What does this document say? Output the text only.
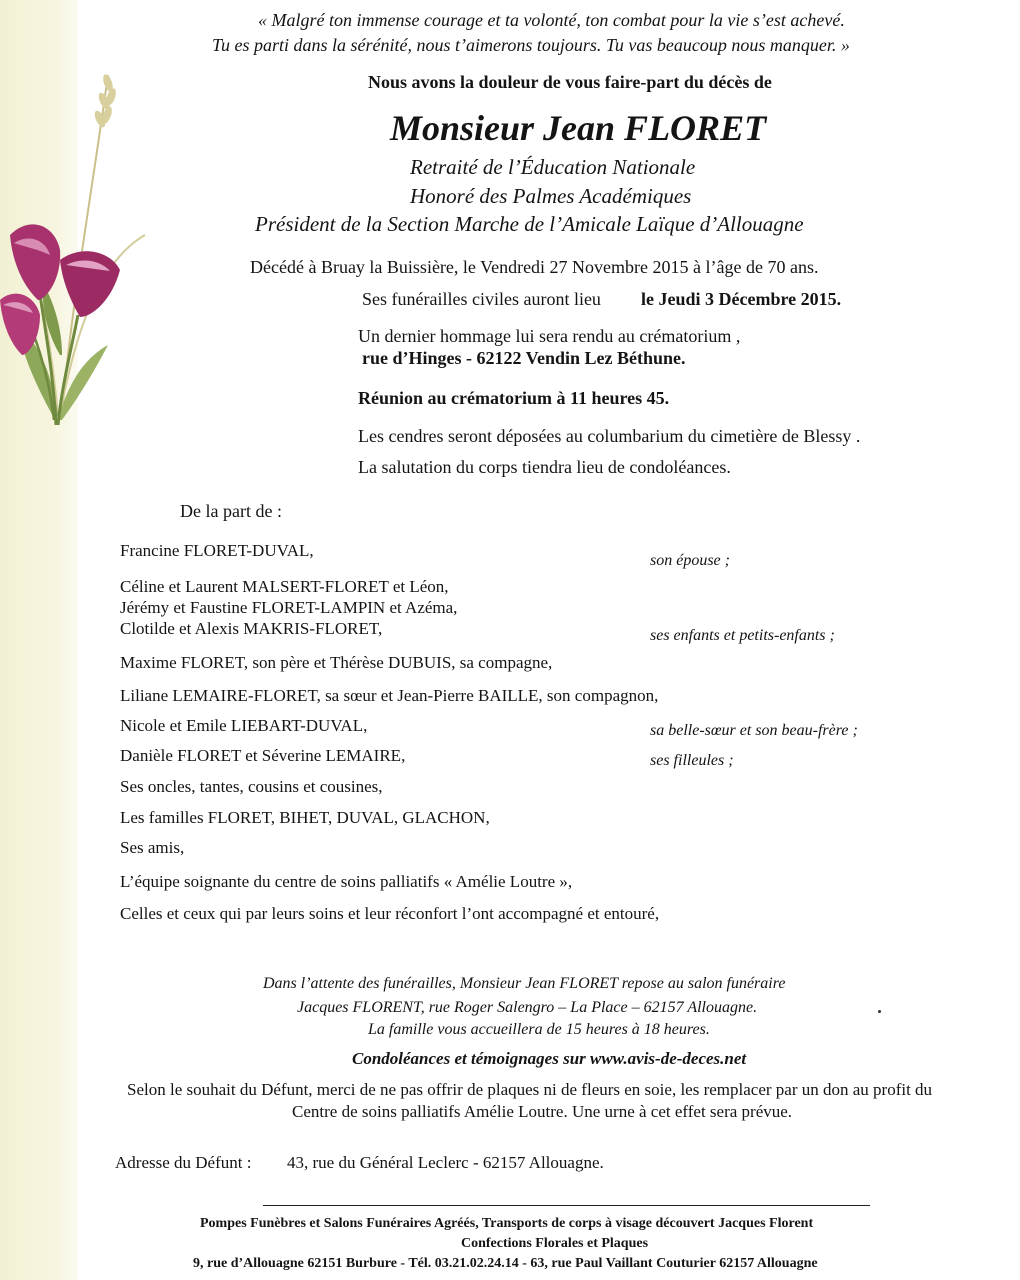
« Malgré ton immense courage et ta volonté, ton combat pour la vie s’est achevé.
Tu es parti dans la sérénité, nous t’aimerons toujours. Tu vas beaucoup nous manquer. »
Nous avons la douleur de vous faire-part du décès de
Monsieur Jean FLORET
Retraité de l’Éducation Nationale
Honoré des Palmes Académiques
Président de la Section Marche de l’Amicale Laïque d’Allouagne
Décédé à Bruay la Buissière, le Vendredi 27 Novembre 2015 à l’âge de 70 ans.
Ses funérailles civiles auront lieu le Jeudi 3 Décembre 2015.
Un dernier hommage lui sera rendu au crématorium ,
rue d’Hinges - 62122 Vendin Lez Béthune.
Réunion au crématorium à 11 heures 45.
Les cendres seront déposées au columbarium du cimetière de Blessy .
La salutation du corps tiendra lieu de condoléances.
De la part de :
Francine FLORET-DUVAL,
Céline et Laurent MALSERT-FLORET et Léon,
Jérémy et Faustine FLORET-LAMPIN et Azéma,
Clotilde et Alexis MAKRIS-FLORET,
Maxime FLORET, son père et Thérèse DUBUIS, sa compagne,
Liliane LEMAIRE-FLORET, sa sœur et Jean-Pierre BAILLE, son compagnon,
Nicole et Emile LIEBART-DUVAL,
Danièle FLORET et Séverine LEMAIRE,
Ses oncles, tantes, cousins et cousines,
Les familles FLORET, BIHET, DUVAL, GLACHON,
Ses amis,
L’équipe soignante du centre de soins palliatifs « Amélie Loutre »,
Celles et ceux qui par leurs soins et leur réconfort l’ont accompagné et entouré,
son épouse ;
ses enfants et petits-enfants ;
sa belle-sœur et son beau-frère ;
ses filleules ;
Dans l’attente des funérailles, Monsieur Jean FLORET repose au salon funéraire
Jacques FLORENT, rue Roger Salengro – La Place – 62157 Allouagne.
La famille vous accueillera de 15 heures à 18 heures.
Condoléances et témoignages sur www.avis-de-deces.net
Selon le souhait du Défunt, merci de ne pas offrir de plaques ni de fleurs en soie, les remplacer par un don au profit du
Centre de soins palliatifs Amélie Loutre. Une urne à cet effet sera prévue.
Adresse du Défunt : 43, rue du Général Leclerc - 62157 Allouagne.
Pompes Funèbres et Salons Funéraires Agréés, Transports de corps à visage découvert Jacques Florent
Confections Florales et Plaques
9, rue d’Allouagne 62151 Burbure - Tél. 03.21.02.24.14 - 63, rue Paul Vaillant Couturier 62157 Allouagne
